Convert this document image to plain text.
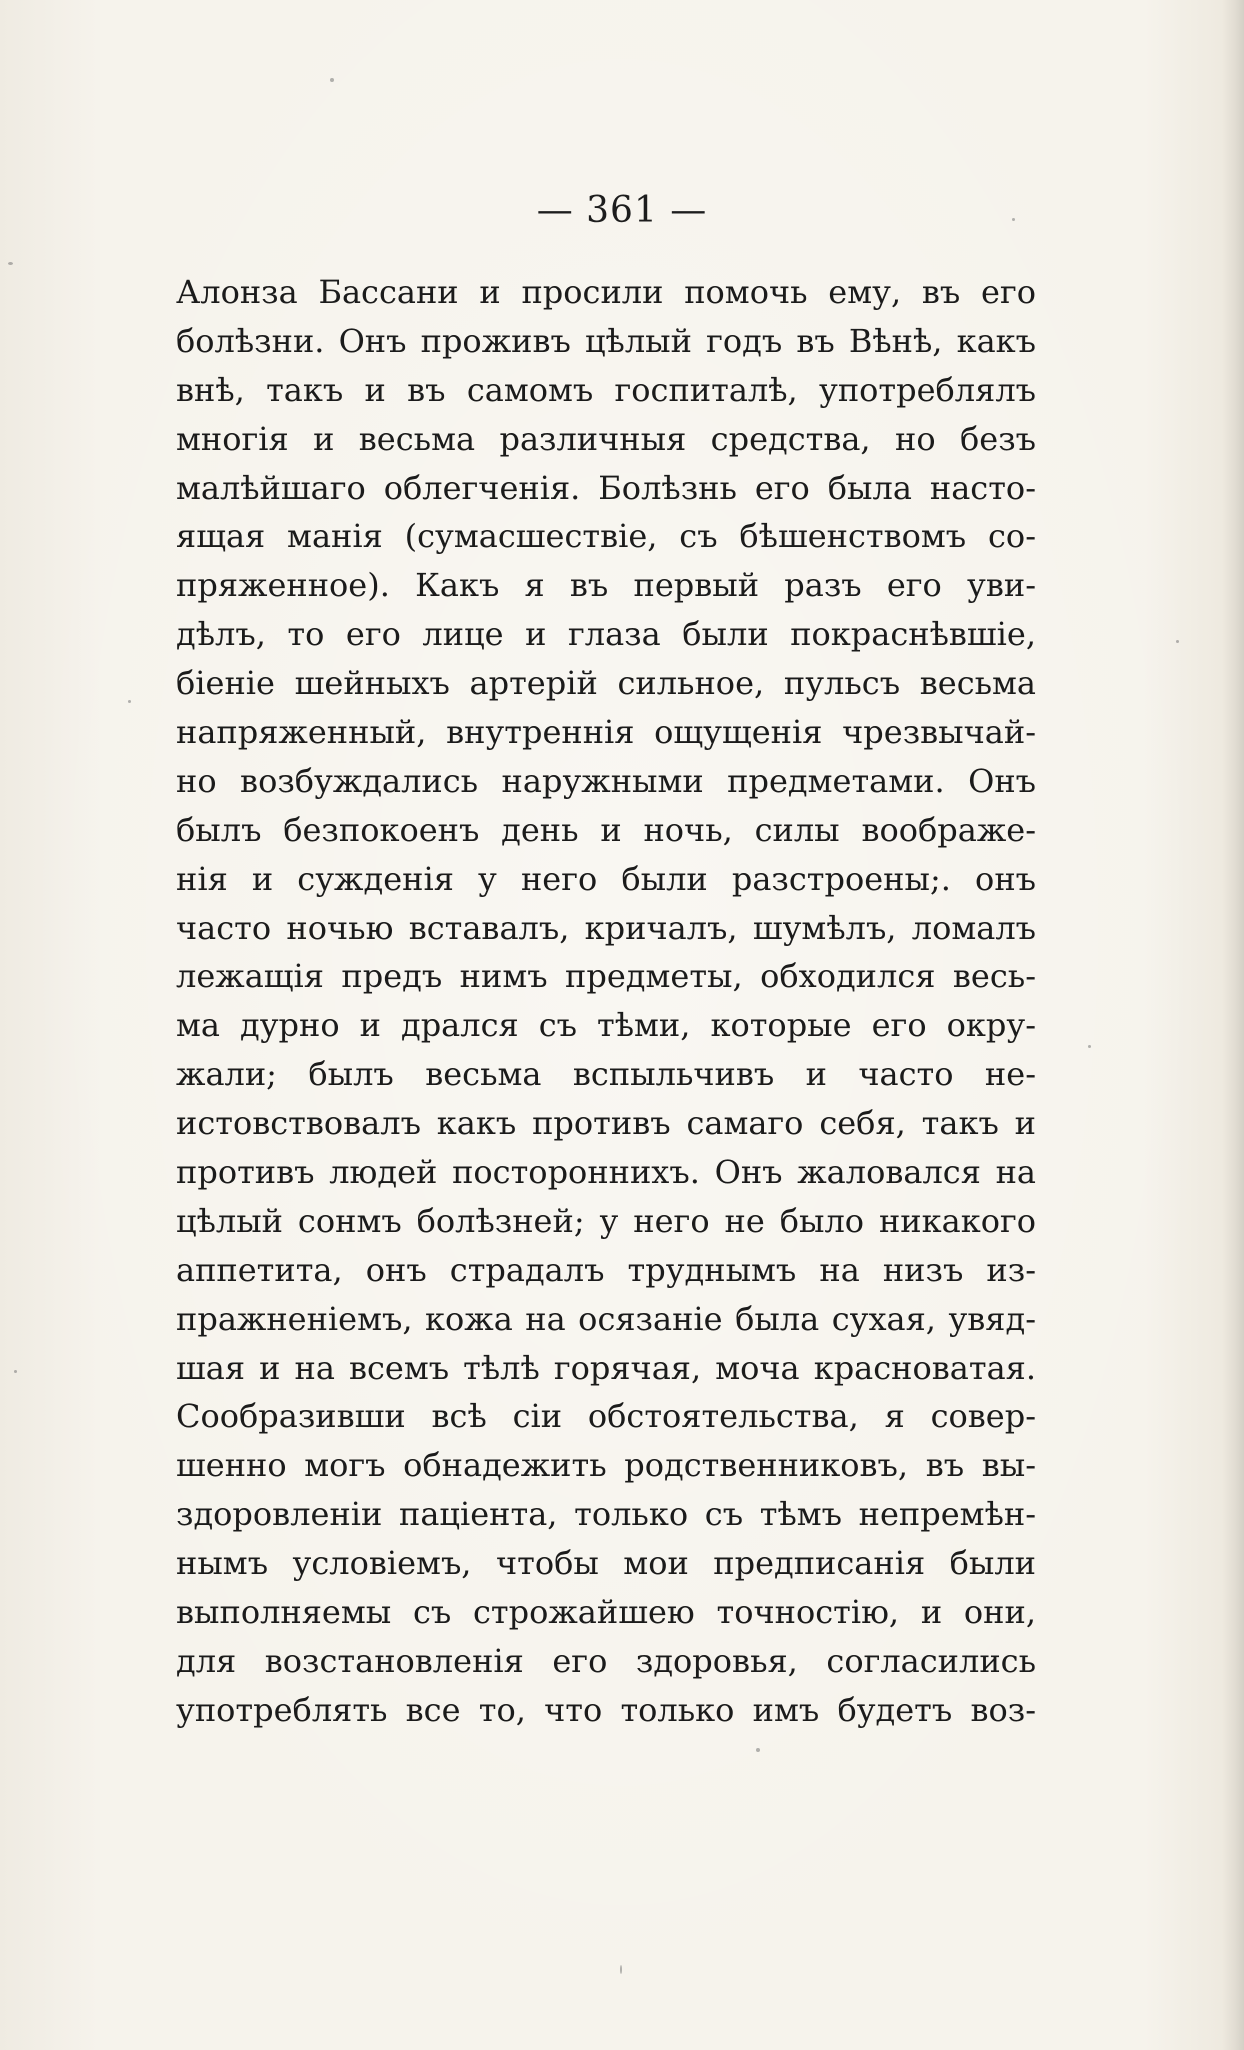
— 361 —

Алонза Бассани и просили помочь ему, въ его
болѣзни. Онъ проживъ цѣлый годъ въ Вѣнѣ, какъ
внѣ, такъ и въ самомъ госпиталѣ, употреблялъ
многія и весьма различныя средства, но безъ
малѣйшаго облегченія. Болѣзнь его была насто-
ящая манія (сумасшествіе, съ бѣшенствомъ со-
пряженное). Какъ я въ первый разъ его уви-
дѣлъ, то его лице и глаза были покраснѣвшіе,
біеніе шейныхъ артерій сильное, пульсъ весьма
напряженный, внутреннія ощущенія чрезвычай-
но возбуждались наружными предметами. Онъ
былъ безпокоенъ день и ночь, силы воображе-
нія и сужденія у него были разстроены;. онъ
часто ночью вставалъ, кричалъ, шумѣлъ, ломалъ
лежащія предъ нимъ предметы, обходился весь-
ма дурно и дрался съ тѣми, которые его окру-
жали; былъ весьма вспыльчивъ и часто не-
истовствовалъ какъ противъ самаго себя, такъ и
противъ людей постороннихъ. Онъ жаловался на
цѣлый сонмъ болѣзней; у него не было никакого
аппетита, онъ страдалъ труднымъ на низъ из-
пражненіемъ, кожа на осязаніе была сухая, увяд-
шая и на всемъ тѣлѣ горячая, моча красноватая.
Сообразивши всѣ сіи обстоятельства, я совер-
шенно могъ обнадежить родственниковъ, въ вы-
здоровленіи паціента, только съ тѣмъ непремѣн-
нымъ условіемъ, чтобы мои предписанія были
выполняемы съ строжайшею точностію, и они,
для возстановленія его здоровья, согласились
употреблять все то, что только имъ будетъ воз-
